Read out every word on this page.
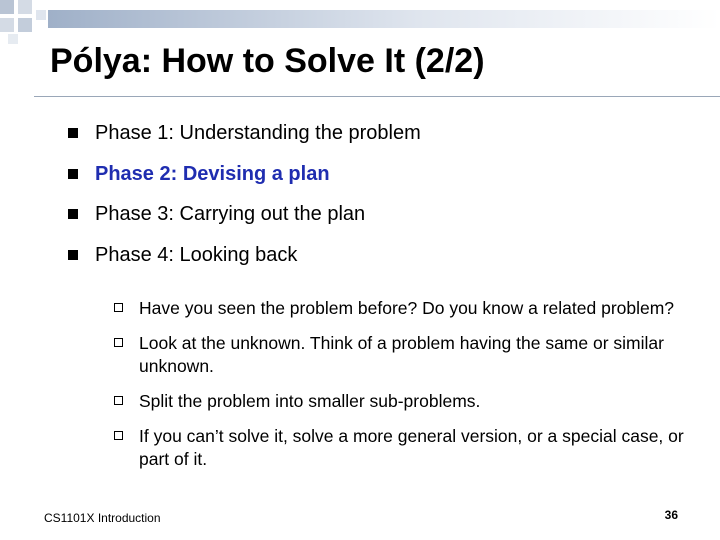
Pólya: How to Solve It (2/2)
Phase 1: Understanding the problem
Phase 2: Devising a plan
Phase 3: Carrying out the plan
Phase 4: Looking back
Have you seen the problem before? Do you know a related problem?
Look at the unknown. Think of a problem having the same or similar unknown.
Split the problem into smaller sub-problems.
If you can’t solve it, solve a more general version, or a special case, or part of it.
CS1101X Introduction	36
